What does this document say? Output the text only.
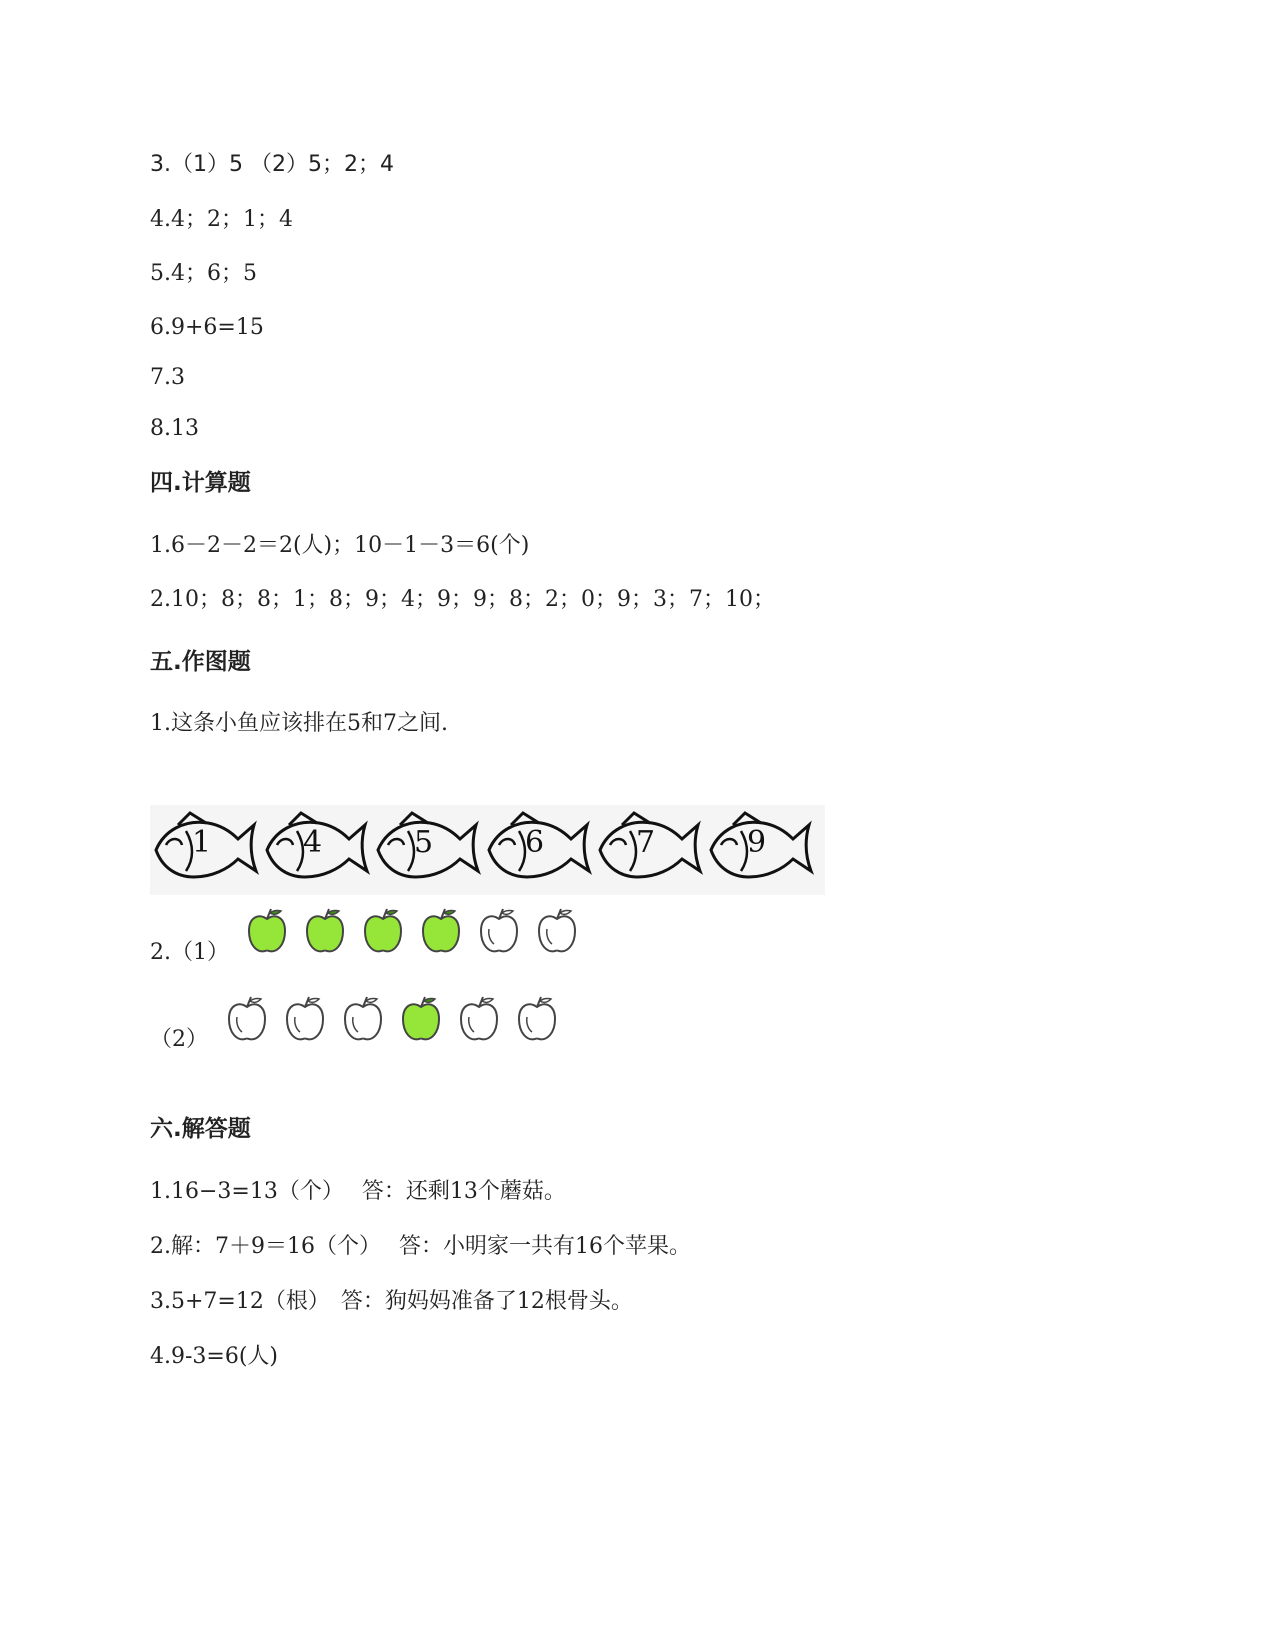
3.（1）5 （2）5；2；4
4.4；2；1；4
5.4；6；5
6.9+6=15
7.3
8.13
四.计算题
1.6－2－2＝2(人)；10－1－3＝6(个)
2.10；8；8；1；8；9；4；9；9；8；2；0；9；3；7；10；
五.作图题
1.这条小鱼应该排在5和7之间.
1	4	5	6	7	9
2.（1）
（2）
六.解答题
1.16−3=13（个）　 答：还剩13个蘑菇。
2.解：7＋9＝16（个）　 答：小明家一共有16个苹果。
3.5+7=12（根）　答：狗妈妈准备了12根骨头。
4.9-3=6(人)
